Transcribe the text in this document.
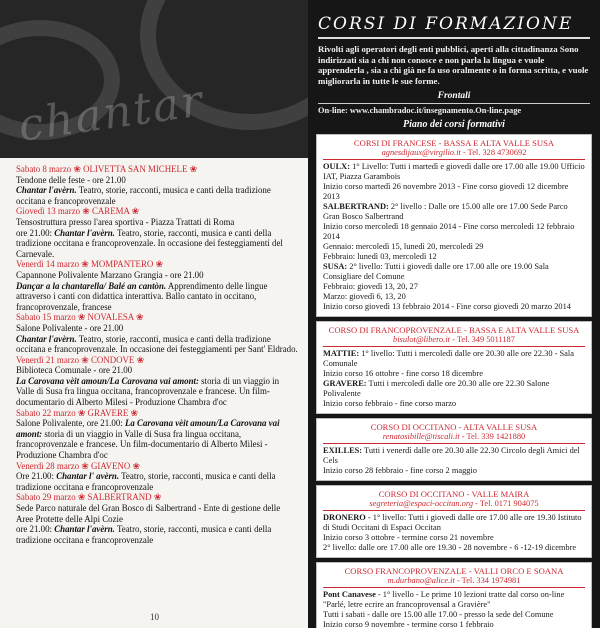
chantar
Sabato 8 marzo ❀ OLIVETTA SAN MICHELE ❀

Tendone delle feste - ore 21.00

Chantar l'avèrn. Teatro, storie, racconti, musica e canti della tradizione occitana e francoprovenzale

Giovedì 13 marzo ❀ CAREMA ❀

Tensostruttura presso l'area sportiva - Piazza Trattati di Roma

ore 21.00: Chantar l'avèrn. Teatro, storie, racconti, musica e canti della tradizione occitana e francoprovenzale. In occasione dei festeggiamenti del Carnevale.

Venerdì 14 marzo ❀ MOMPANTERO ❀

Capannone Polivalente Marzano Grangia - ore 21.00

Dançar a la chantarella/ Balé an cantòn. Apprendimento delle lingue attraverso i canti con didattica interattiva. Ballo cantato in occitano, francoprovenzale, francese

Sabato 15 marzo ❀ NOVALESA ❀

Salone Polivalente - ore 21.00

Chantar l'avèrn. Teatro, storie, racconti, musica e canti della tradizione occitana e francoprovenzale. In occasione dei festeggiamenti per Sant' Eldrado.

Venerdì 21 marzo ❀ CONDOVE ❀

Biblioteca Comunale - ore 21.00

La Carovana vèit amoun/La Carovana vai amont: storia di un viaggio in Valle di Susa fra lingua occitana, francoprovenzale e francese. Un film-documentario di Alberto Milesi - Produzione Chambra d'oc

Sabato 22 marzo ❀ GRAVERE ❀

Salone Polivalente, ore 21.00: La Carovana vèit amoun/La Carovana vai amont: storia di un viaggio in Valle di Susa fra lingua occitana, francoprovenzale e francese. Un film-documentario di Alberto Milesi - Produzione Chambra d'oc

Venerdì 28 marzo ❀ GIAVENO ❀

Ore 21.00: Chantar l' avèrn. Teatro, storie, racconti, musica e canti della tradizione occitana e francoprovenzale

Sabato 29 marzo ❀ SALBERTRAND ❀

Sede Parco naturale del Gran Bosco di Salbertrand - Ente di gestione delle Aree Protette delle Alpi Cozie

ore 21.00: Chantar l'avèrn. Teatro, storie, racconti, musica e canti della tradizione occitana e francoprovenzale

CORSI DI FORMAZIONE
Rivolti agli operatori degli enti pubblici, aperti alla cittadinanza Sono indirizzati sia a chi non conosce e non parla la lingua e vuole apprenderla , sia a chi già ne fa uso oralmente o in forma scritta, e vuole migliorarla in tutte le sue forme.
Frontali
On-line: www.chambradoc.it/insegnamento.On-line.page
Piano dei corsi formativi
CORSI DI FRANCESE - BASSA E ALTA VALLE SUSA
agnesdijaux@virgilio.it - Tel. 328 4730692

OULX: 1° Livello: Tutti i martedì e giovedì dalle ore 17.00 alle 19.00 Ufficio IAT, Piazza Garambois

Inizio corso martedì 26 novembre 2013 - Fine corso giovedì 12 dicembre 2013

SALBERTRAND: 2° livello : Dalle ore 15.00 alle ore 17.00 Sede Parco Gran Bosco Salbertrand

Inizio corso mercoledì 18 gennaio 2014 - Fine corso mercoledì 12 febbraio 2014

Gennaio: mercoledì 15, lunedì 20, mercoledì 29

Febbraio: lunedì 03, mercoledì 12

SUSA: 2° livello: Tutti i giovedì dalle ore 17.00 alle ore 19.00 Sala Consigliare del Comune

Febbraio: giovedì 13, 20, 27

Marzo: giovedì 6, 13, 20

Inizio corso giovedì 13 febbraio 2014 - Fine corso giovedì 20 marzo 2014

CORSO DI FRANCOPROVENZALE - BASSA E ALTA VALLE SUSA
bisulot@libero.it - Tel. 349 5011187

MATTIE: 1° livello: Tutti i mercoledì dalle ore 20.30 alle ore 22.30 - Sala Comunale

Inizio corso 16 ottobre - fine corso 18 dicembre

GRAVERE: Tutti i mercoledì dalle ore 20.30 alle ore 22.30 Salone Polivalente

Inizio corso febbraio - fine corso marzo

CORSO DI OCCITANO - ALTA VALLE SUSA
renatosibille@tiscali.it - Tel. 339 1421880

EXILLES: Tutti i venerdì dalle ore 20.30 alle 22.30 Circolo degli Amici del Cels

Inizio corso 28 febbraio - fine corso 2 maggio

CORSO DI OCCITANO - VALLE MAIRA
segreteria@espaci-occitan.org - Tel. 0171 904075

DRONERO - 1° livello: Tutti i giovedì dalle ore 17.00 alle ore 19.30 Istituto di Studi Occitani di Espaci Occitan

Inizio corso 3 ottobre - termine corso 21 novembre

2° livello: dalle ore 17.00 alle ore 19.30 - 28 novembre - 6 -12-19 dicembre

CORSO FRANCOPROVENZALE - VALLI ORCO E SOANA
m.durbano@alice.it - Tel. 334 1974981

Pont Canavese - 1° livello - Le prime 10 lezioni tratte dal corso on-line

"Parlé, letre ecrire an francoprovensal a Gravière"

Tutti i sabati - dalle ore 15.00 alle 17.00 - presso la sede del Comune

Inizio corso 9 novembre - termine corso 1 febbraio

10
